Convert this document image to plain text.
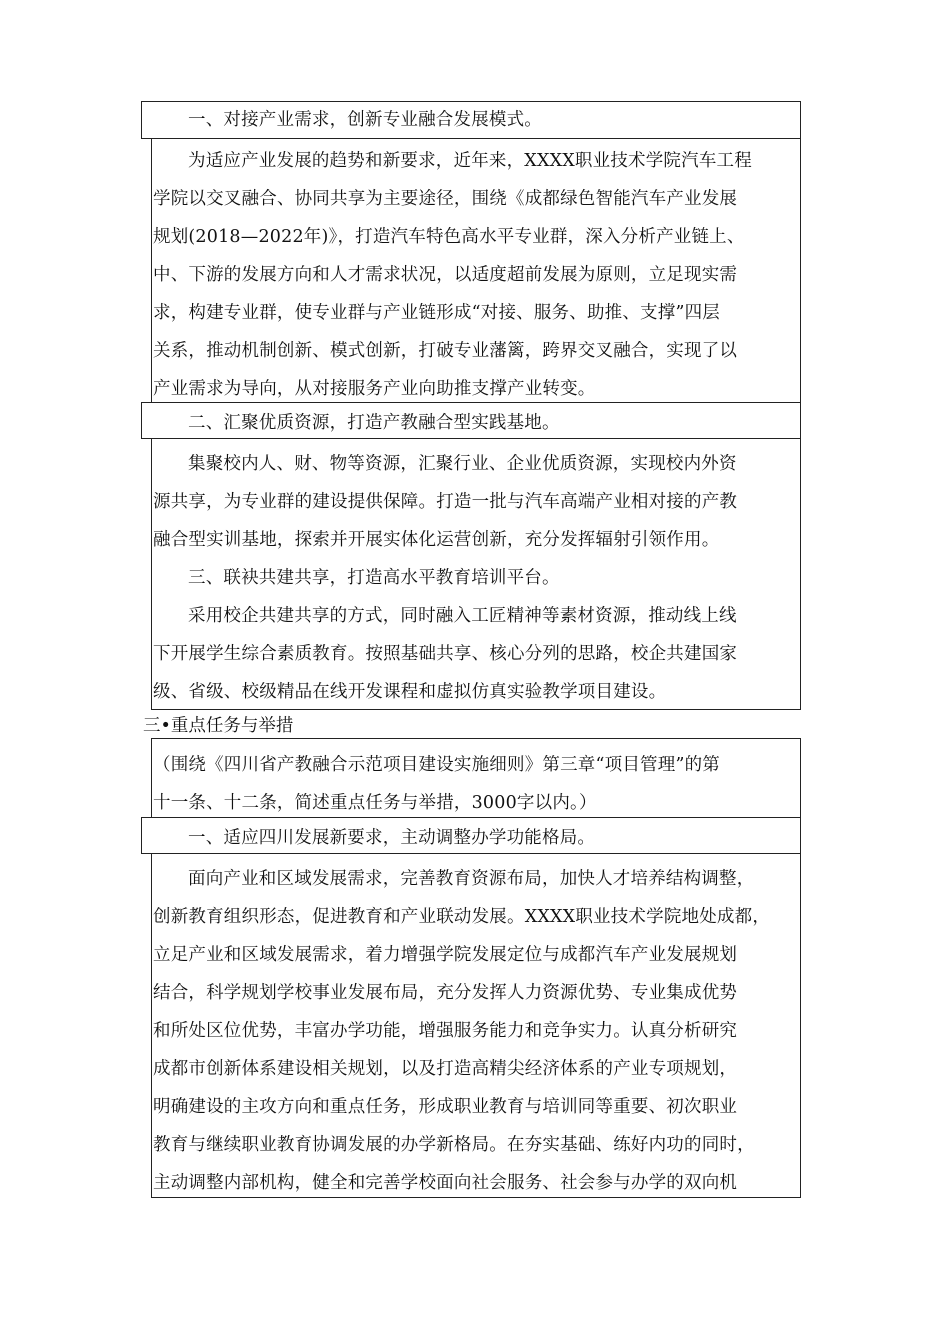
一、对接产业需求，创新专业融合发展模式。
为适应产业发展的趋势和新要求，近年来，XXXX职业技术学院汽车工程
学院以交叉融合、协同共享为主要途径，围绕《成都绿色智能汽车产业发展
规划(2018—2022年)》，打造汽车特色高水平专业群，深入分析产业链上、
中、下游的发展方向和人才需求状况，以适度超前发展为原则，立足现实需
求，构建专业群，使专业群与产业链形成“对接、服务、助推、支撑”四层
关系，推动机制创新、模式创新，打破专业藩篱，跨界交叉融合，实现了以
产业需求为导向，从对接服务产业向助推支撑产业转变。
二、汇聚优质资源，打造产教融合型实践基地。
集聚校内人、财、物等资源，汇聚行业、企业优质资源，实现校内外资
源共享，为专业群的建设提供保障。打造一批与汽车高端产业相对接的产教
融合型实训基地，探索并开展实体化运营创新，充分发挥辐射引领作用。
三、联袂共建共享，打造高水平教育培训平台。
采用校企共建共享的方式，同时融入工匠精神等素材资源，推动线上线
下开展学生综合素质教育。按照基础共享、核心分列的思路，校企共建国家
级、省级、校级精品在线开发课程和虚拟仿真实验教学项目建设。
三•重点任务与举措
（围绕《四川省产教融合示范项目建设实施细则》第三章“项目管理”的第
十一条、十二条，简述重点任务与举措，3000字以内。）
一、适应四川发展新要求，主动调整办学功能格局。
面向产业和区域发展需求，完善教育资源布局，加快人才培养结构调整，
创新教育组织形态，促进教育和产业联动发展。XXXX职业技术学院地处成都，
立足产业和区域发展需求，着力增强学院发展定位与成都汽车产业发展规划
结合，科学规划学校事业发展布局，充分发挥人力资源优势、专业集成优势
和所处区位优势，丰富办学功能，增强服务能力和竞争实力。认真分析研究
成都市创新体系建设相关规划，以及打造高精尖经济体系的产业专项规划，
明确建设的主攻方向和重点任务，形成职业教育与培训同等重要、初次职业
教育与继续职业教育协调发展的办学新格局。在夯实基础、练好内功的同时，
主动调整内部机构，健全和完善学校面向社会服务、社会参与办学的双向机
